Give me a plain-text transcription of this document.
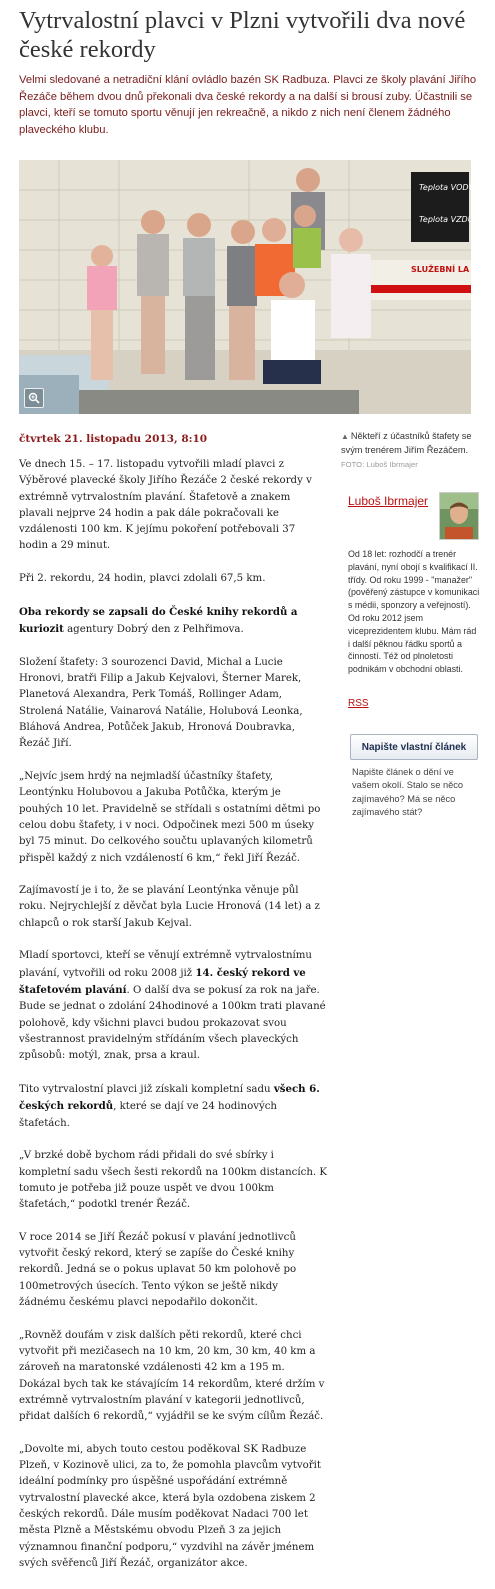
Vytrvalostní plavci v Plzni vytvořili dva nové české rekordy

Velmi sledované a netradiční klání ovládlo bazén SK Radbuza. Plavci ze školy plavání Jiřího Řezáče během dvou dnů překonali dva české rekordy a na další si brousí zuby. Účastnili se plavci, kteří se tomuto sportu věnují jen rekreačně, a nikdo z nich není členem žádného plaveckého klubu.

Teplota VODY
Teplota VZDUCHU
SLUŽEBNÍ LA
▲ Někteří z účastníků štafety se svým trenérem Jiřím Řezáčem.
FOTO: Luboš Ibrmajer
čtvrtek 21. listopadu 2013, 8:10

Ve dnech 15. – 17. listopadu vytvořili mladí plavci z Výběrové plavecké školy Jiřího Řezáče 2 české rekordy v extrémně vytrvalostním plavání. Štafetově a znakem plavali nejprve 24 hodin a pak dále pokračovali ke vzdálenosti 100 km. K jejímu pokoření potřebovali 37 hodin a 29 minut.

Při 2. rekordu, 24 hodin, plavci zdolali 67,5 km.

Oba rekordy se zapsali do České knihy rekordů a kuriozit agentury Dobrý den z Pelhřimova.

Složení štafety: 3 sourozenci David, Michal a Lucie Hronovi, bratři Filip a Jakub Kejvalovi, Šterner Marek, Planetová Alexandra, Perk Tomáš, Rollinger Adam, Strolená Natálie, Vainarová Natálie, Holubová Leonka, Bláhová Andrea, Potůček Jakub, Hronová Doubravka, Řezáč Jiří.

„Nejvíc jsem hrdý na nejmladší účastníky štafety, Leontýnku Holubovou a Jakuba Potůčka, kterým je pouhých 10 let. Pravidelně se střídali s ostatními dětmi po celou dobu štafety, i v noci. Odpočinek mezi 500 m úseky byl 75 minut. Do celkového součtu uplavaných kilometrů přispěl každý z nich vzdáleností 6 km,“ řekl Jiří Řezáč.

Zajímavostí je i to, že se plavání Leontýnka věnuje půl roku. Nejrychlejší z děvčat byla Lucie Hronová (14 let) a z chlapců o rok starší Jakub Kejval.

Mladí sportovci, kteří se věnují extrémně vytrvalostnímu plavání, vytvořili od roku 2008 již 14. český rekord ve štafetovém plavání. O další dva se pokusí za rok na jaře. Bude se jednat o zdolání 24hodinové a 100km trati plavané polohově, kdy všichni plavci budou prokazovat svou všestrannost pravidelným střídáním všech plaveckých způsobů: motýl, znak, prsa a kraul.

Tito vytrvalostní plavci již získali kompletní sadu všech 6. českých rekordů, které se dají ve 24 hodinových štafetách.

„V brzké době bychom rádi přidali do své sbírky i kompletní sadu všech šesti rekordů na 100km distancích. K tomuto je potřeba již pouze uspět ve dvou 100km štafetách,“ podotkl trenér Řezáč.

V roce 2014 se Jiří Řezáč pokusí v plavání jednotlivců vytvořit český rekord, který se zapíše do České knihy rekordů. Jedná se o pokus uplavat 50 km polohově po 100metrových úsecích. Tento výkon se ještě nikdy žádnému českému plavci nepodařilo dokončit.

„Rovněž doufám v zisk dalších pěti rekordů, které chci vytvořit při mezičasech na 10 km, 20 km, 30 km, 40 km a zároveň na maratonské vzdálenosti 42 km a 195 m. Dokázal bych tak ke stávajícím 14 rekordům, které držím v extrémně vytrvalostním plavání v kategorii jednotlivců, přidat dalších 6 rekordů,“ vyjádřil se ke svým cílům Řezáč.

„Dovolte mi, abych touto cestou poděkoval SK Radbuze Plzeň, v Kozinově ulici, za to, že pomohla plavcům vytvořit ideální podmínky pro úspěšné uspořádání extrémně vytrvalostní plavecké akce, která byla ozdobena ziskem 2 českých rekordů. Dále musím poděkovat Nadaci 700 let města Plzně a Městskému obvodu Plzeň 3 za jejich významnou finanční podporu,“ vyzdvihl na závěr jménem svých svěřenců Jiří Řezáč, organizátor akce.

Luboš Ibrmajer
Od 18 let: rozhodčí a trenér plavání, nyní obojí s kvalifikací II. třídy. Od roku 1999 - "manažer" (pověřený zástupce v komunikaci s médii, sponzory a veřejností). Od roku 2012 jsem viceprezidentem klubu. Mám rád i další pěknou řádku sportů a činností. Též od plnoletosti podnikám v obchodní oblasti.
RSS
Napište vlastní článek
Napište článek o dění ve vašem okolí. Stalo se něco zajímavého? Má se něco zajímavého stát?
